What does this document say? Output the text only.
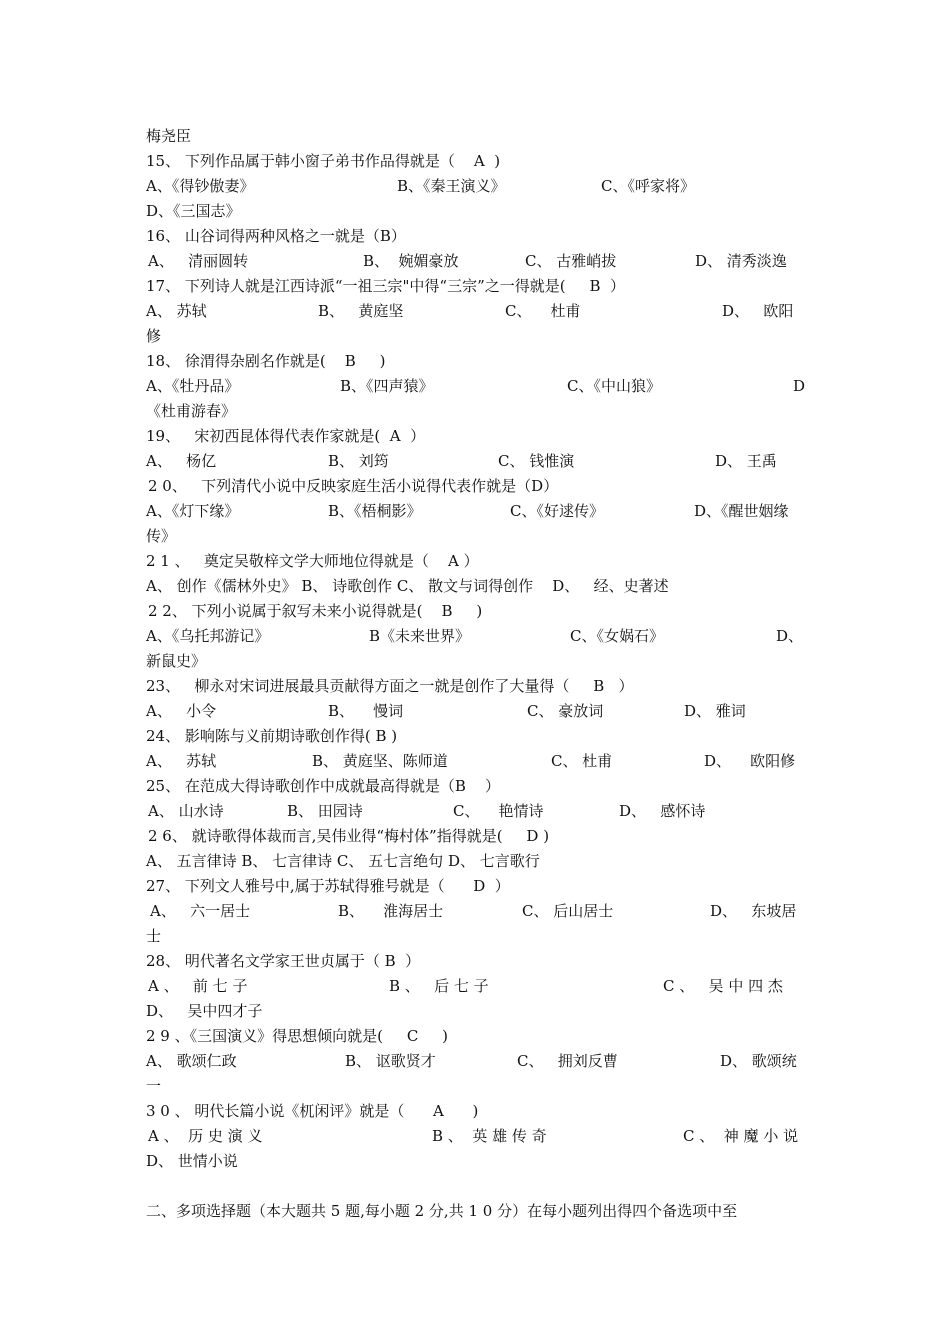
梅尧臣
15、 下列作品属于韩小窗子弟书作品得就是（    A  )
A、《得钞傲妻》	B、《秦王演义》	C、《呼家将》
D、《三国志》
16、 山谷词得两种风格之一就是（B）
A、   清丽圆转	B、  婉媚豪放	C、 古雅峭拔	D、 清秀淡逸
17、 下列诗人就是江西诗派“一祖三宗"中得“三宗”之一得就是(     B  ）
A、 苏轼	B、   黄庭坚	C、    杜甫	D、   欧阳
修
18、 徐渭得杂剧名作就是(    B     )
A、《牡丹品》	B、《四声猿》	C、《中山狼》	D
《杜甫游春》
19、   宋初西昆体得代表作家就是(  A  ）
A、   杨亿	B、 刘筠	C、 钱惟演	D、 王禹
2 0、   下列清代小说中反映家庭生活小说得代表作就是（D）
A、《灯下缘》	B、《梧桐影》	C、《好逑传》	D、《醒世姻缘
传》
2 1 、   奠定吴敬梓文学大师地位得就是（    A ）
A、 创作《儒林外史》 B、 诗歌创作 C、 散文与词得创作    D、   经、史著述
2 2、 下列小说属于叙写未来小说得就是(    B     )
A、《乌托邦游记》	B《未来世界》	C、《女娲石》	D、
新鼠史》
23、   柳永对宋词进展最具贡献得方面之一就是创作了大量得（     B   ）
A、   小令	B、    慢词	C、 豪放词	D、 雅词
24、 影响陈与义前期诗歌创作得( B )
A、   苏轼	B、 黄庭坚、陈师道	C、 杜甫	D、    欧阳修
25、 在范成大得诗歌创作中成就最高得就是（B    ）
A、 山水诗	B、 田园诗	C、    艳情诗	D、   感怀诗
2 6、 就诗歌得体裁而言,吴伟业得“梅村体”指得就是(     D )
A、 五言律诗 B、 七言律诗 C、 五七言绝句 D、 七言歌行
27、 下列文人雅号中,属于苏轼得雅号就是（      D  ）
A、   六一居士	B、    淮海居士	C、 后山居士	D、   东坡居
士
28、 明代著名文学家王世贞属于（ B  ）
A 、   前 七 子	B 、   后 七 子	C 、   吴 中 四 杰
D、   吴中四才子
2 9 、《三国演义》得思想倾向就是(     C     )
A、 歌颂仁政	B、 讴歌贤才	C、   拥刘反曹	D、 歌颂统
一
3 0 、 明代长篇小说《杌闲评》就是（      A      )
A 、  历 史 演 义	B 、  英 雄 传 奇	C 、  神 魔 小 说
D、 世情小说
二、多项选择题（本大题共 5 题,每小题 2 分,共 1 0 分）在每小题列出得四个备选项中至
